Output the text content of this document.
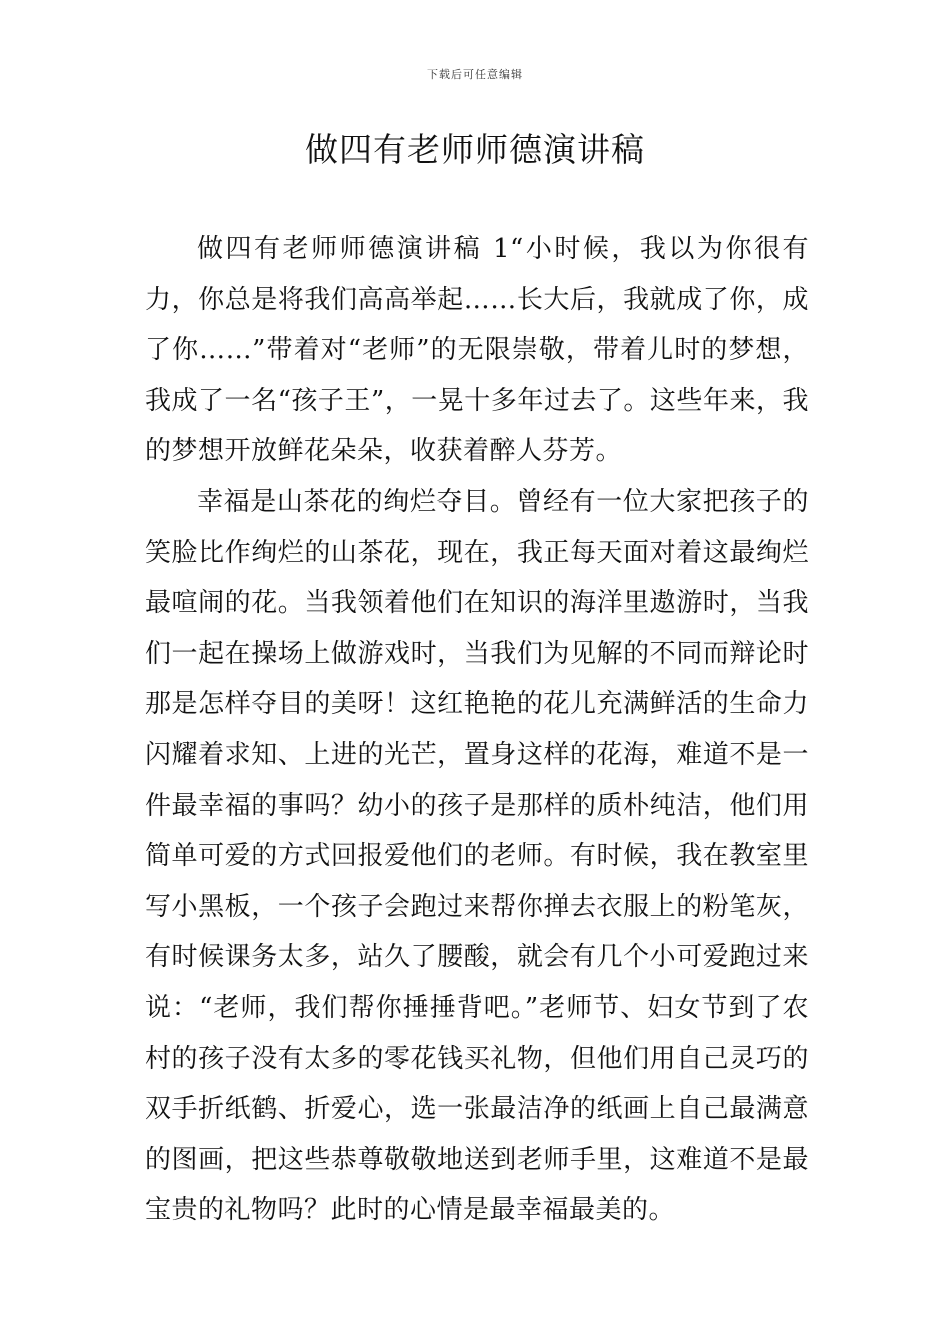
下载后可任意编辑
做四有老师师德演讲稿

做四有老师师德演讲稿 1“小时候，我以为你很有力，你总是将我们高高举起……长大后，我就成了你，成了你……”带着对“老师”的无限崇敬，带着儿时的梦想，我成了一名“孩子王”，一晃十多年过去了。这些年来，我的梦想开放鲜花朵朵，收获着醉人芬芳。

幸福是山茶花的绚烂夺目。曾经有一位大家把孩子的笑脸比作绚烂的山茶花，现在，我正每天面对着这最绚烂最喧闹的花。当我领着他们在知识的海洋里遨游时，当我们一起在操场上做游戏时，当我们为见解的不同而辩论时那是怎样夺目的美呀！这红艳艳的花儿充满鲜活的生命力闪耀着求知、上进的光芒，置身这样的花海，难道不是一件最幸福的事吗？幼小的孩子是那样的质朴纯洁，他们用简单可爱的方式回报爱他们的老师。有时候，我在教室里写小黑板，一个孩子会跑过来帮你掸去衣服上的粉笔灰，有时候课务太多，站久了腰酸，就会有几个小可爱跑过来说：“老师，我们帮你捶捶背吧。”老师节、妇女节到了农村的孩子没有太多的零花钱买礼物，但他们用自己灵巧的双手折纸鹤、折爱心，选一张最洁净的纸画上自己最满意的图画，把这些恭尊敬敬地送到老师手里，这难道不是最宝贵的礼物吗？此时的心情是最幸福最美的。
